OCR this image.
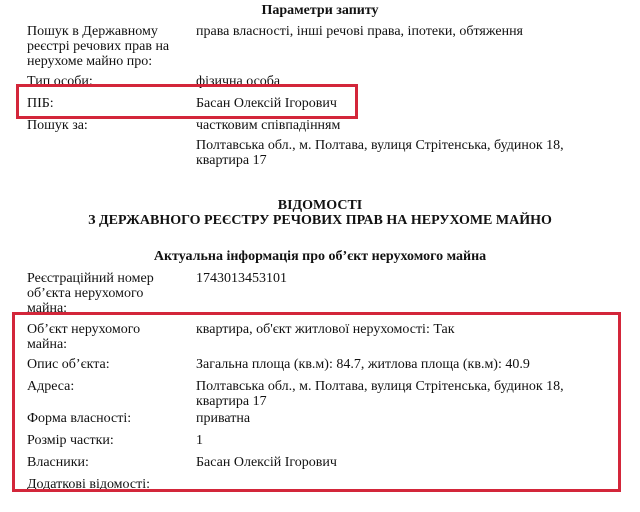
Параметри запиту
Пошук в Державному реєстрі речових прав на нерухоме майно про:
права власності, інші речові права, іпотеки, обтяження
Тип особи:	фізична особа
ПІБ:	Басан Олексій Ігорович
Пошук за:	частковим співпадінням
Полтавська обл., м. Полтава, вулиця Стрітенська, будинок 18, квартира 17
ВІДОМОСТІ
З ДЕРЖАВНОГО РЕЄСТРУ РЕЧОВИХ ПРАВ НА НЕРУХОМЕ МАЙНО
Актуальна інформація про об’єкт нерухомого майна
Реєстраційний номер об’єкта нерухомого майна:
1743013453101
Об’єкт нерухомого майна:
квартира, об'єкт житлової нерухомості: Так
Опис об’єкта:	Загальна площа (кв.м): 84.7, житлова площа (кв.м): 40.9
Адреса:	Полтавська обл., м. Полтава, вулиця Стрітенська, будинок 18, квартира 17
Форма власності:	приватна
Розмір частки:	1
Власники:	Басан Олексій Ігорович
Додаткові відомості:
